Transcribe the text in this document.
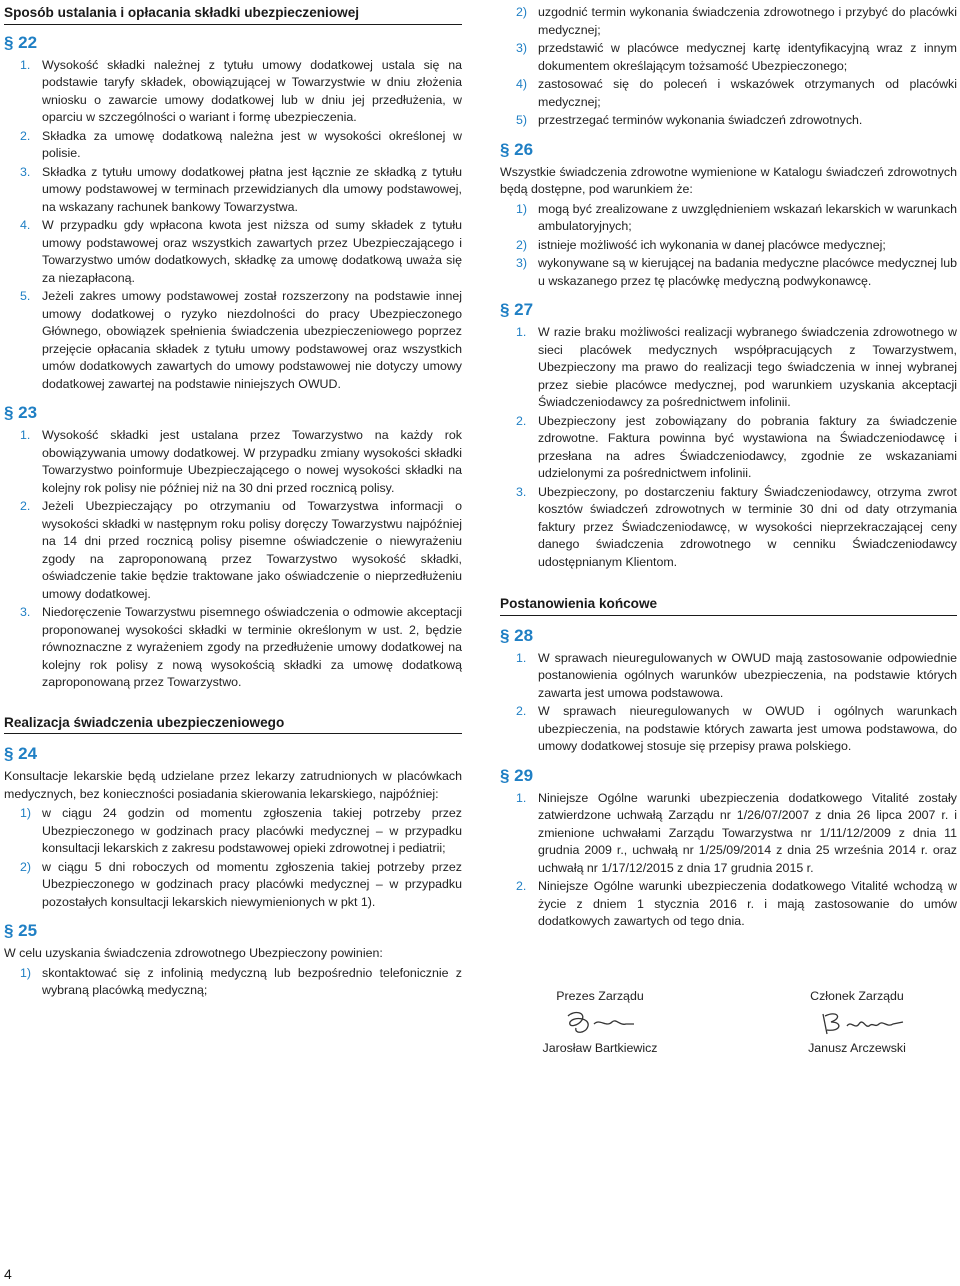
Sposób ustalania i opłacania składki ubezpieczeniowej
§ 22
1. Wysokość składki należnej z tytułu umowy dodatkowej ustala się na podstawie taryfy składek, obowiązującej w Towarzystwie w dniu złożenia wniosku o zawarcie umowy dodatkowej lub w dniu jej przedłużenia, w oparciu w szczególności o wariant i formę ubezpieczenia.
2. Składka za umowę dodatkową należna jest w wysokości określonej w polisie.
3. Składka z tytułu umowy dodatkowej płatna jest łącznie ze składką z tytułu umowy podstawowej w terminach przewidzianych dla umowy podstawowej, na wskazany rachunek bankowy Towarzystwa.
4. W przypadku gdy wpłacona kwota jest niższa od sumy składek z tytułu umowy podstawowej oraz wszystkich zawartych przez Ubezpieczającego i Towarzystwo umów dodatkowych, składkę za umowę dodatkową uważa się za niezapłaconą.
5. Jeżeli zakres umowy podstawowej został rozszerzony na podstawie innej umowy dodatkowej o ryzyko niezdolności do pracy Ubezpieczonego Głównego, obowiązek spełnienia świadczenia ubezpieczeniowego poprzez przejęcie opłacania składek z tytułu umowy podstawowej oraz wszystkich umów dodatkowych zawartych do umowy podstawowej nie dotyczy umowy dodatkowej zawartej na podstawie niniejszych OWUD.
§ 23
1. Wysokość składki jest ustalana przez Towarzystwo na każdy rok obowiązywania umowy dodatkowej. W przypadku zmiany wysokości składki Towarzystwo poinformuje Ubezpieczającego o nowej wysokości składki na kolejny rok polisy nie później niż na 30 dni przed rocznicą polisy.
2. Jeżeli Ubezpieczający po otrzymaniu od Towarzystwa informacji o wysokości składki w następnym roku polisy doręczy Towarzystwu najpóźniej na 14 dni przed rocznicą polisy pisemne oświadczenie o niewyrażeniu zgody na zaproponowaną przez Towarzystwo wysokość składki, oświadczenie takie będzie traktowane jako oświadczenie o nieprzedłużeniu umowy dodatkowej.
3. Niedoręczenie Towarzystwu pisemnego oświadczenia o odmowie akceptacji proponowanej wysokości składki w terminie określonym w ust. 2, będzie równoznaczne z wyrażeniem zgody na przedłużenie umowy dodatkowej na kolejny rok polisy z nową wysokością składki za umowę dodatkową zaproponowaną przez Towarzystwo.
Realizacja świadczenia ubezpieczeniowego
§ 24
Konsultacje lekarskie będą udzielane przez lekarzy zatrudnionych w placówkach medycznych, bez konieczności posiadania skierowania lekarskiego, najpóźniej:
1) w ciągu 24 godzin od momentu zgłoszenia takiej potrzeby przez Ubezpieczonego w godzinach pracy placówki medycznej – w przypadku konsultacji lekarskich z zakresu podstawowej opieki zdrowotnej i pediatrii;
2) w ciągu 5 dni roboczych od momentu zgłoszenia takiej potrzeby przez Ubezpieczonego w godzinach pracy placówki medycznej – w przypadku pozostałych konsultacji lekarskich niewymienionych w pkt 1).
§ 25
W celu uzyskania świadczenia zdrowotnego Ubezpieczony powinien:
1) skontaktować się z infolinią medyczną lub bezpośrednio telefonicznie z wybraną placówką medyczną;
2) uzgodnić termin wykonania świadczenia zdrowotnego i przybyć do placówki medycznej;
3) przedstawić w placówce medycznej kartę identyfikacyjną wraz z innym dokumentem określającym tożsamość Ubezpieczonego;
4) zastosować się do poleceń i wskazówek otrzymanych od placówki medycznej;
5) przestrzegać terminów wykonania świadczeń zdrowotnych.
§ 26
Wszystkie świadczenia zdrowotne wymienione w Katalogu świadczeń zdrowotnych będą dostępne, pod warunkiem że:
1) mogą być zrealizowane z uwzględnieniem wskazań lekarskich w warunkach ambulatoryjnych;
2) istnieje możliwość ich wykonania w danej placówce medycznej;
3) wykonywane są w kierującej na badania medyczne placówce medycznej lub u wskazanego przez tę placówkę medyczną podwykonawcę.
§ 27
1. W razie braku możliwości realizacji wybranego świadczenia zdrowotnego w sieci placówek medycznych współpracujących z Towarzystwem, Ubezpieczony ma prawo do realizacji tego świadczenia w innej wybranej przez siebie placówce medycznej, pod warunkiem uzyskania akceptacji Świadczeniodawcy za pośrednictwem infolinii.
2. Ubezpieczony jest zobowiązany do pobrania faktury za świadczenie zdrowotne. Faktura powinna być wystawiona na Świadczeniodawcę i przesłana na adres Świadczeniodawcy, zgodnie ze wskazaniami udzielonymi za pośrednictwem infolinii.
3. Ubezpieczony, po dostarczeniu faktury Świadczeniodawcy, otrzyma zwrot kosztów świadczeń zdrowotnych w terminie 30 dni od daty otrzymania faktury przez Świadczeniodawcę, w wysokości nieprzekraczającej ceny danego świadczenia zdrowotnego w cenniku Świadczeniodawcy udostępnianym Klientom.
Postanowienia końcowe
§ 28
1. W sprawach nieuregulowanych w OWUD mają zastosowanie odpowiednie postanowienia ogólnych warunków ubezpieczenia, na podstawie których zawarta jest umowa podstawowa.
2. W sprawach nieuregulowanych w OWUD i ogólnych warunkach ubezpieczenia, na podstawie których zawarta jest umowa podstawowa, do umowy dodatkowej stosuje się przepisy prawa polskiego.
§ 29
1. Niniejsze Ogólne warunki ubezpieczenia dodatkowego Vitalité zostały zatwierdzone uchwałą Zarządu nr 1/26/07/2007 z dnia 26 lipca 2007 r. i zmienione uchwałami Zarządu Towarzystwa nr 1/11/12/2009 z dnia 11 grudnia 2009 r., uchwałą nr 1/25/09/2014 z dnia 25 września 2014 r. oraz uchwałą nr 1/17/12/2015 z dnia 17 grudnia 2015 r.
2. Niniejsze Ogólne warunki ubezpieczenia dodatkowego Vitalité wchodzą w życie z dniem 1 stycznia 2016 r. i mają zastosowanie do umów dodatkowych zawartych od tego dnia.
Prezes Zarządu
Jarosław Bartkiewicz
Członek Zarządu
Janusz Arczewski
4
